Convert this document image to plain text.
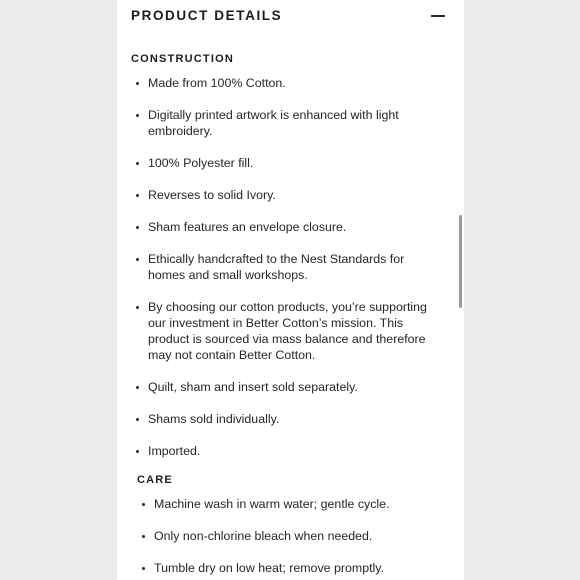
PRODUCT DETAILS
CONSTRUCTION
Made from 100% Cotton.
Digitally printed artwork is enhanced with light embroidery.
100% Polyester fill.
Reverses to solid Ivory.
Sham features an envelope closure.
Ethically handcrafted to the Nest Standards for homes and small workshops.
By choosing our cotton products, you’re supporting our investment in Better Cotton’s mission. This product is sourced via mass balance and therefore may not contain Better Cotton.
Quilt, sham and insert sold separately.
Shams sold individually.
Imported.
CARE
Machine wash in warm water; gentle cycle.
Only non-chlorine bleach when needed.
Tumble dry on low heat; remove promptly.
